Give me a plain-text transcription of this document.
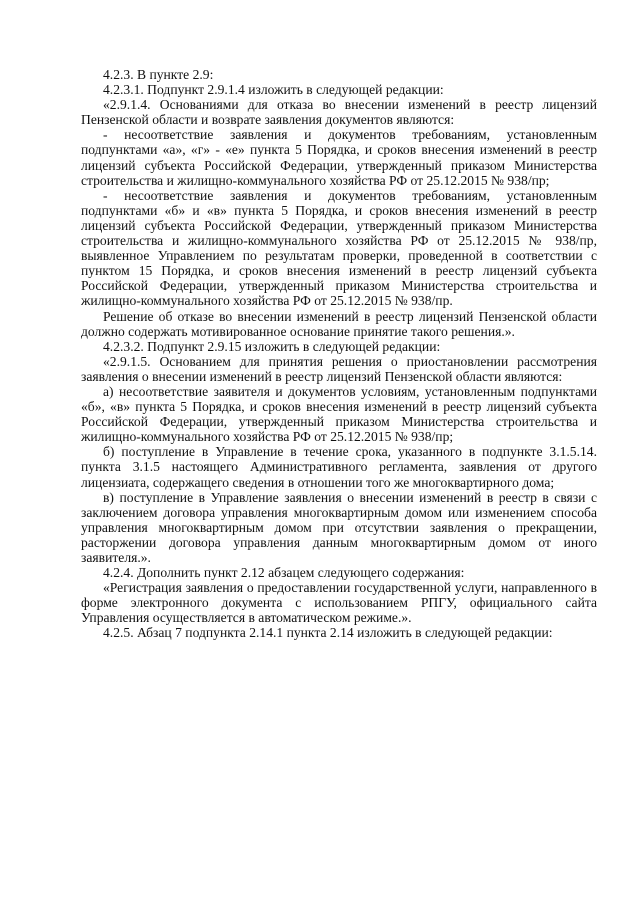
4.2.3. В пункте 2.9:

4.2.3.1. Подпункт 2.9.1.4 изложить в следующей редакции:

«2.9.1.4. Основаниями для отказа во внесении изменений в реестр лицензий Пензенской области и возврате заявления документов являются:

- несоответствие заявления и документов требованиям, установленным подпунктами «а», «г» - «е» пункта 5 Порядка, и сроков внесения изменений в реестр лицензий субъекта Российской Федерации, утвержденный приказом Министерства строительства и жилищно-коммунального хозяйства РФ от 25.12.2015 № 938/пр;

- несоответствие заявления и документов требованиям, установленным подпунктами «б» и «в» пункта 5 Порядка, и сроков внесения изменений в реестр лицензий субъекта Российской Федерации, утвержденный приказом Министерства строительства и жилищно-коммунального хозяйства РФ от 25.12.2015 № 938/пр, выявленное Управлением по результатам проверки, проведенной в соответствии с пунктом 15 Порядка, и сроков внесения изменений в реестр лицензий субъекта Российской Федерации, утвержденный приказом Министерства строительства и жилищно-коммунального хозяйства РФ от 25.12.2015 № 938/пр.

Решение об отказе во внесении изменений в реестр лицензий Пензенской области должно содержать мотивированное основание принятие такого решения.».

4.2.3.2. Подпункт 2.9.15 изложить в следующей редакции:

«2.9.1.5. Основанием для принятия решения о приостановлении рассмотрения заявления о внесении изменений в реестр лицензий Пензенской области являются:

а) несоответствие заявителя и документов условиям, установленным подпунктами «б», «в» пункта 5 Порядка, и сроков внесения изменений в реестр лицензий субъекта Российской Федерации, утвержденный приказом Министерства строительства и жилищно-коммунального хозяйства РФ от 25.12.2015 № 938/пр;

б) поступление в Управление в течение срока, указанного в подпункте 3.1.5.14. пункта 3.1.5 настоящего Административного регламента, заявления от другого лицензиата, содержащего сведения в отношении того же многоквартирного дома;

в) поступление в Управление заявления о внесении изменений в реестр в связи с заключением договора управления многоквартирным домом или изменением способа управления многоквартирным домом при отсутствии заявления о прекращении, расторжении договора управления данным многоквартирным домом от иного заявителя.».

4.2.4. Дополнить пункт 2.12 абзацем следующего содержания:

«Регистрация заявления о предоставлении государственной услуги, направленного в форме электронного документа с использованием РПГУ, официального сайта Управления осуществляется в автоматическом режиме.».

4.2.5. Абзац 7 подпункта 2.14.1 пункта 2.14 изложить в следующей редакции:
